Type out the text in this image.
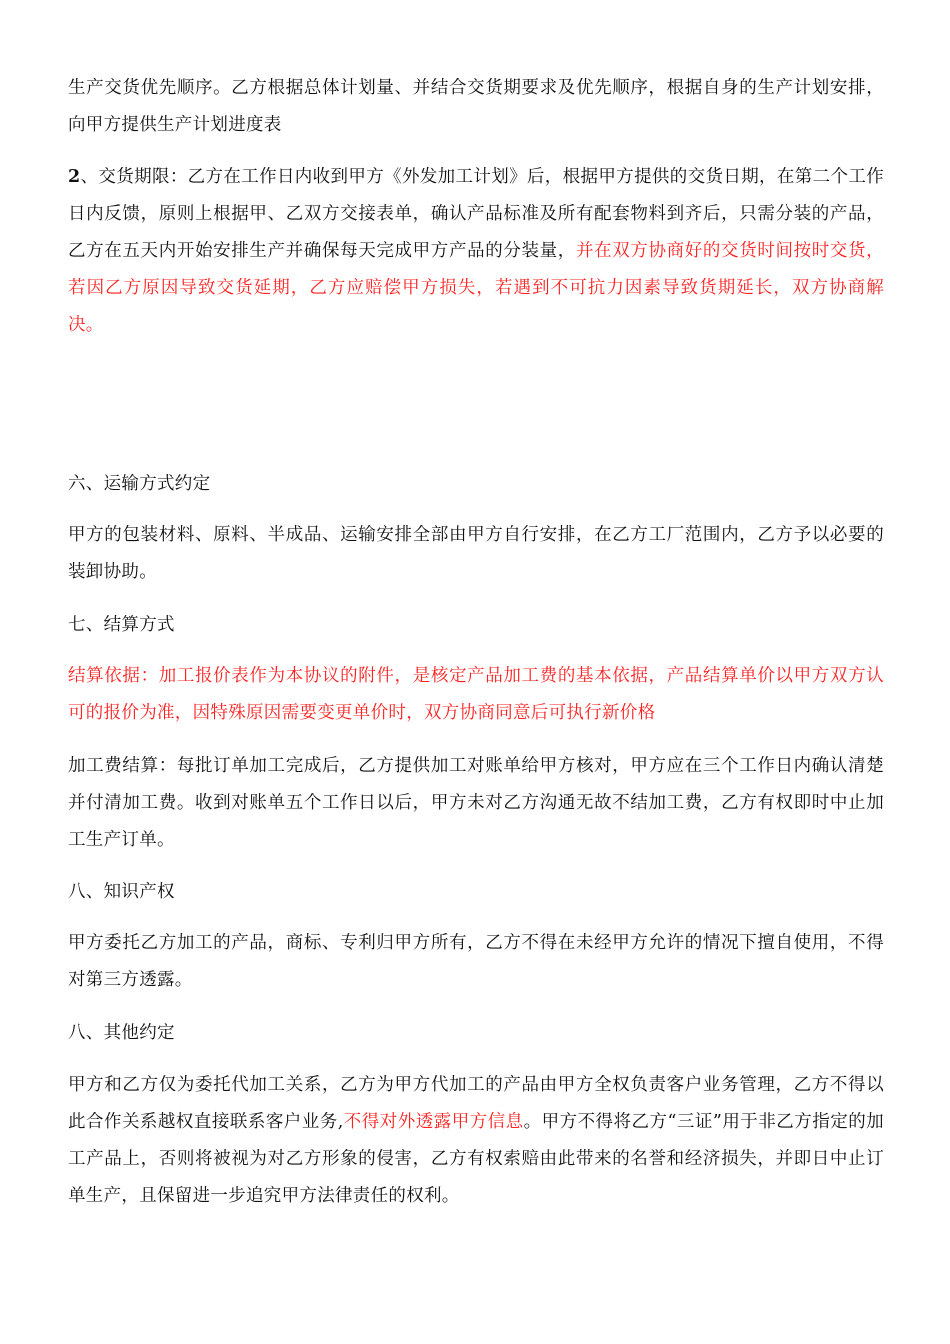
生产交货优先顺序。乙方根据总体计划量、并结合交货期要求及优先顺序，根据自身的生产计划安排，向甲方提供生产计划进度表

2、交货期限：乙方在工作日内收到甲方《外发加工计划》后，根据甲方提供的交货日期，在第二个工作日内反馈，原则上根据甲、乙双方交接表单，确认产品标准及所有配套物料到齐后，只需分装的产品，乙方在五天内开始安排生产并确保每天完成甲方产品的分装量，并在双方协商好的交货时间按时交货，若因乙方原因导致交货延期，乙方应赔偿甲方损失，若遇到不可抗力因素导致货期延长，双方协商解决。

六、运输方式约定

甲方的包装材料、原料、半成品、运输安排全部由甲方自行安排，在乙方工厂范围内，乙方予以必要的装卸协助。

七、结算方式

结算依据：加工报价表作为本协议的附件，是核定产品加工费的基本依据，产品结算单价以甲方双方认可的报价为准，因特殊原因需要变更单价时，双方协商同意后可执行新价格

加工费结算：每批订单加工完成后，乙方提供加工对账单给甲方核对，甲方应在三个工作日内确认清楚并付清加工费。收到对账单五个工作日以后，甲方未对乙方沟通无故不结加工费，乙方有权即时中止加工生产订单。

八、知识产权

甲方委托乙方加工的产品，商标、专利归甲方所有，乙方不得在未经甲方允许的情况下擅自使用，不得对第三方透露。

八、其他约定

甲方和乙方仅为委托代加工关系，乙方为甲方代加工的产品由甲方全权负责客户业务管理，乙方不得以此合作关系越权直接联系客户业务,不得对外透露甲方信息。甲方不得将乙方“三证”用于非乙方指定的加工产品上，否则将被视为对乙方形象的侵害，乙方有权索赔由此带来的名誉和经济损失，并即日中止订单生产，且保留进一步追究甲方法律责任的权利。
